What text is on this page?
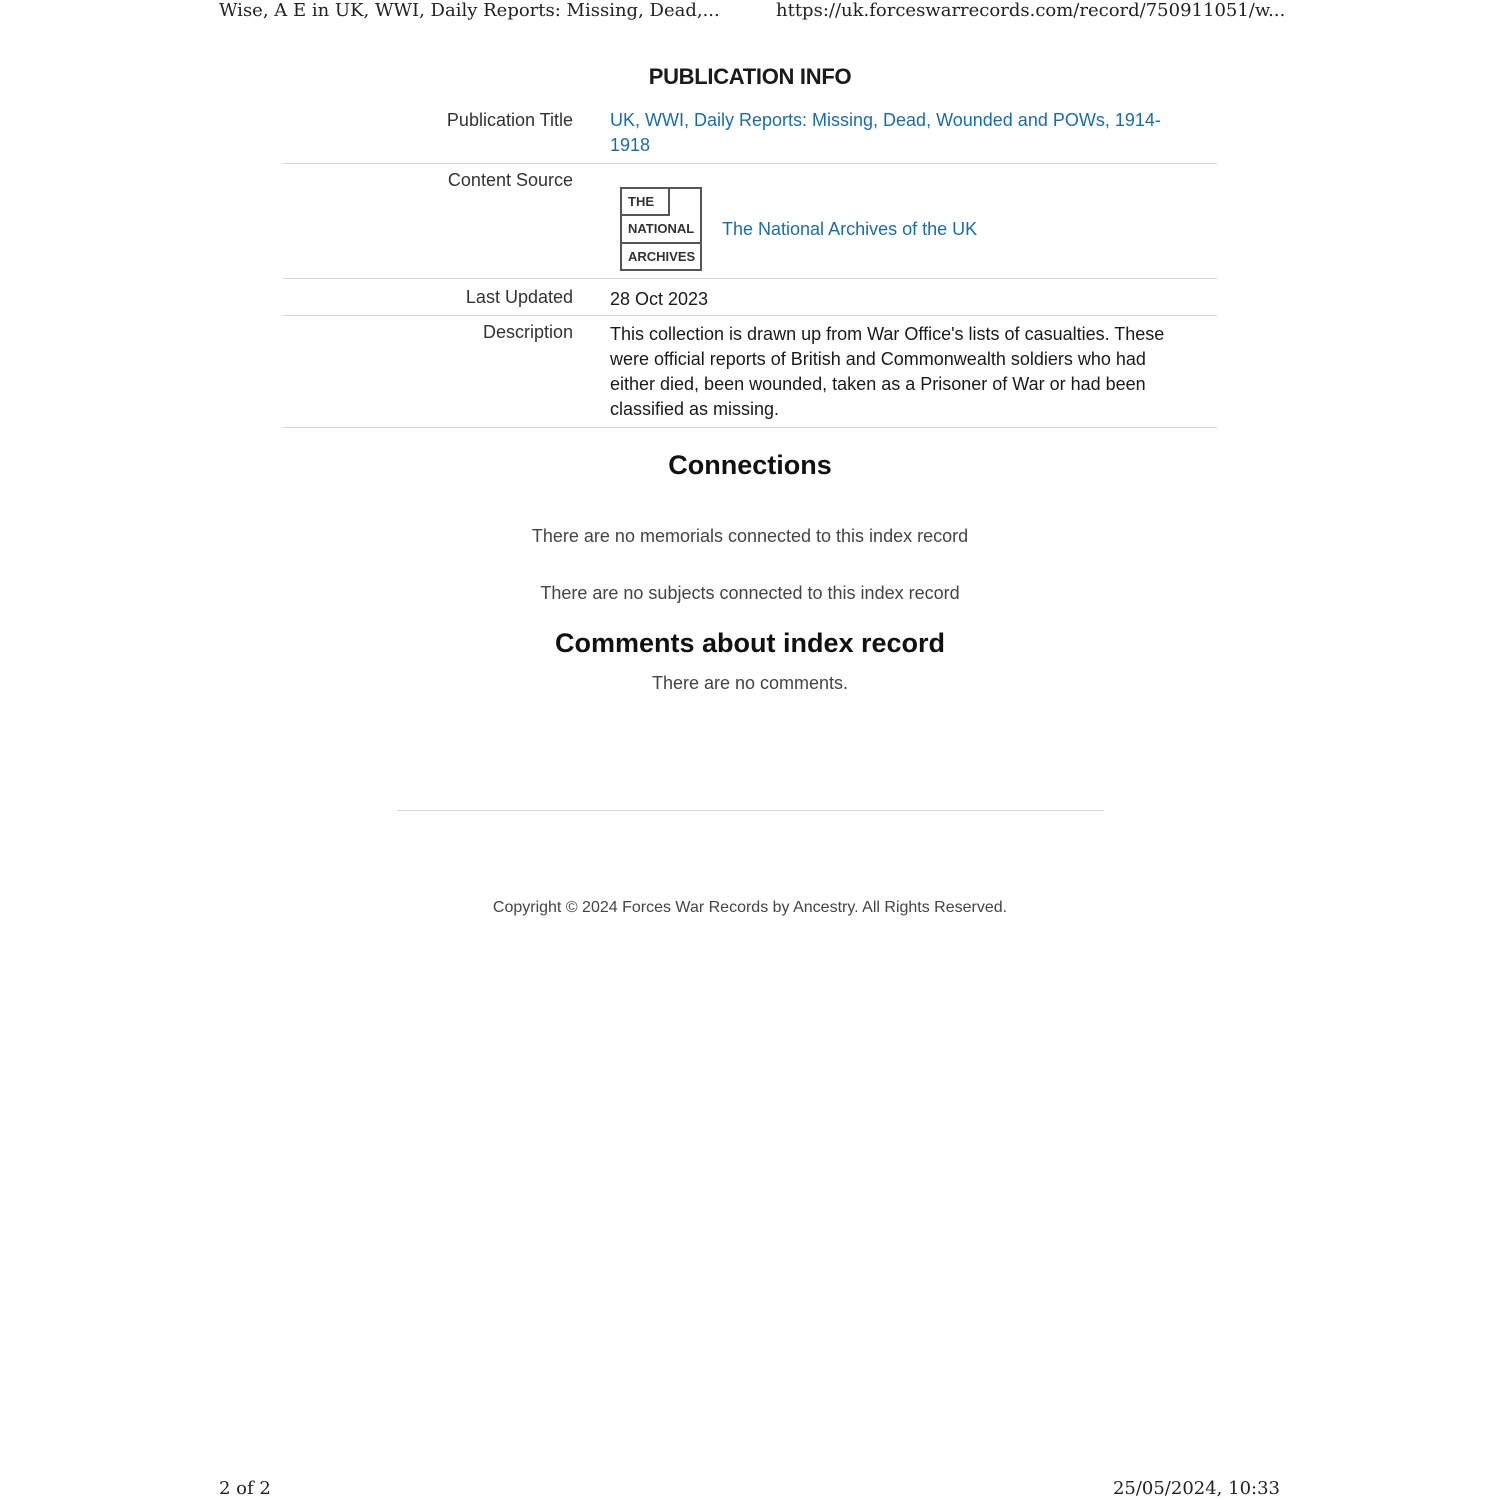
Wise, A E in UK, WWI, Daily Reports: Missing, Dead,...	https://uk.forceswarrecords.com/record/750911051/w...
PUBLICATION INFO
Publication Title UK, WWI, Daily Reports: Missing, Dead, Wounded and POWs, 1914-1918
Content Source
THE
NATIONAL
ARCHIVES
The National Archives of the UK
Last Updated 28 Oct 2023
Description This collection is drawn up from War Office's lists of casualties. These were official reports of British and Commonwealth soldiers who had either died, been wounded, taken as a Prisoner of War or had been classified as missing.
Connections
There are no memorials connected to this index record
There are no subjects connected to this index record
Comments about index record
There are no comments.
Copyright © 2024 Forces War Records by Ancestry. All Rights Reserved.
2 of 2	25/05/2024, 10:33
